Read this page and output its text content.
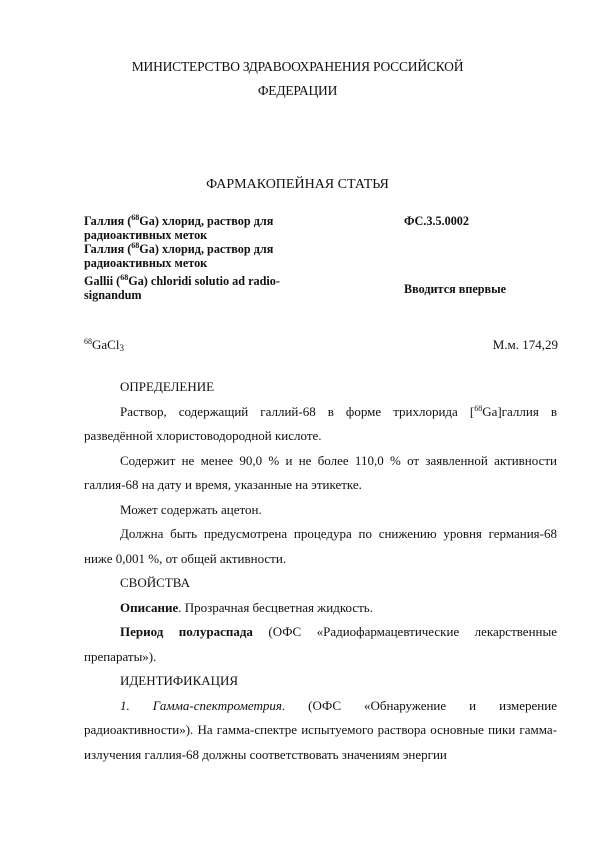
МИНИСТЕРСТВО ЗДРАВООХРАНЕНИЯ РОССИЙСКОЙ
ФЕДЕРАЦИИ
ФАРМАКОПЕЙНАЯ СТАТЬЯ

Галлия ($^{68}$Ga) хлорид, раствор для

радиоактивных меток

Галлия ($^{68}$Ga) хлорид, раствор для

радиоактивных меток

Gallii ($^{68}$Ga) chloridi solutio ad radio-

signandum

ФС.3.5.0002
Вводится впервые
$^{68}$GaCl$_3$	М.м. 174,29

ОПРЕДЕЛЕНИЕ

Раствор, содержащий галлий-68 в форме трихлорида [$^{68}$Ga]галлия в разведённой хлористоводородной кислоте.

Содержит не менее 90,0 % и не более 110,0 % от заявленной активности галлия-68 на дату и время, указанные на этикетке.

Может содержать ацетон.

Должна быть предусмотрена процедура по снижению уровня германия-68 ниже 0,001 %, от общей активности.

СВОЙСТВА

Описание. Прозрачная бесцветная жидкость.

Период полураспада (ОФС «Радиофармацевтические лекарственные препараты»).

ИДЕНТИФИКАЦИЯ

1. Гамма-спектрометрия. (ОФС «Обнаружение и измерение радиоактивности»). На гамма-спектре испытуемого раствора основные пики гамма-излучения галлия-68 должны соответствовать значениям энергии
